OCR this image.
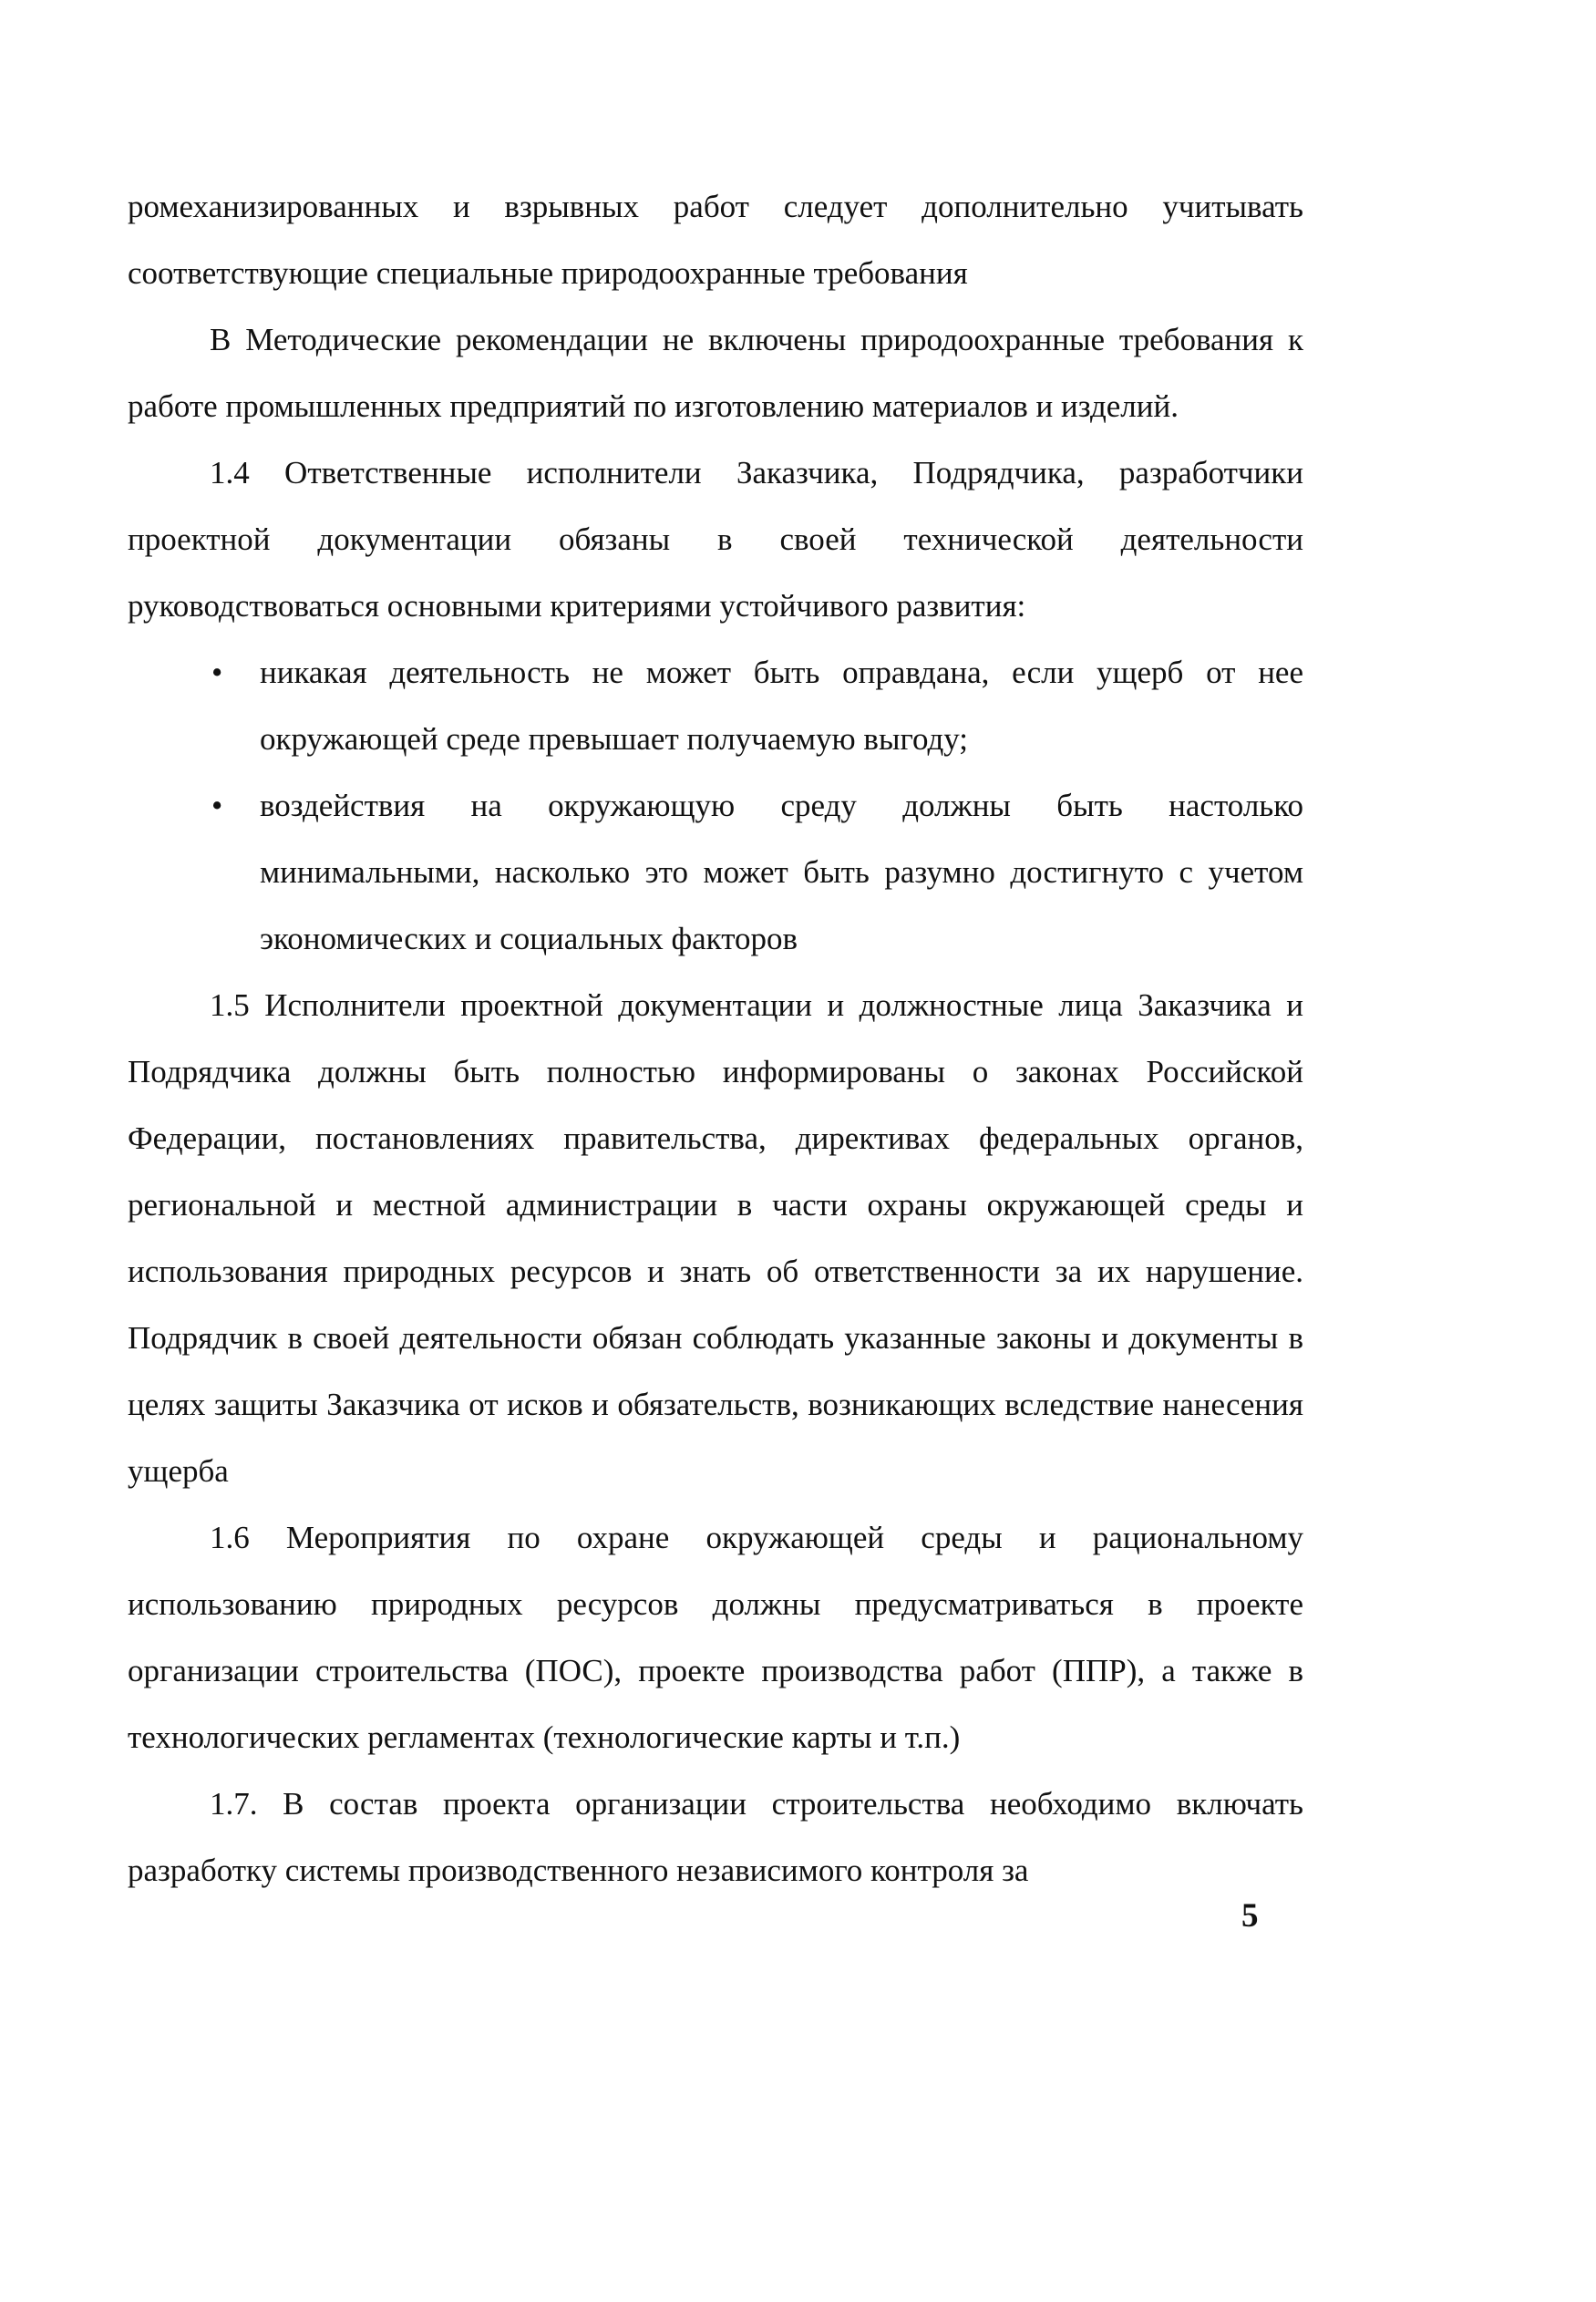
ромеханизированных и взрывных работ следует дополнительно учитывать соответствующие специальные природоохранные требования

В Методические рекомендации не включены природоохранные требования к работе промышленных предприятий по изготовлению материалов и изделий.

1.4 Ответственные исполнители Заказчика, Подрядчика, разработчики проектной документации обязаны в своей технической деятельности руководствоваться основными критериями устойчивого развития:

• никакая деятельность не может быть оправдана, если ущерб от нее окружающей среде превышает получаемую выгоду;
• воздействия на окружающую среду должны быть настолько минимальными, насколько это может быть разумно достигнуто с учетом экономических и социальных факторов

1.5 Исполнители проектной документации и должностные лица Заказчика и Подрядчика должны быть полностью информированы о законах Российской Федерации, постановлениях правительства, директивах федеральных органов, региональной и местной администрации в части охраны окружающей среды и использования природных ресурсов и знать об ответственности за их нарушение. Подрядчик в своей деятельности обязан соблюдать указанные законы и документы в целях защиты Заказчика от исков и обязательств, возникающих вследствие нанесения ущерба

1.6 Мероприятия по охране окружающей среды и рациональному использованию природных ресурсов должны предусматриваться в проекте организации строительства (ПОС), проекте производства работ (ППР), а также в технологических регламентах (технологические карты и т.п.)

1.7. В состав проекта организации строительства необходимо включать разработку системы производственного независимого контроля за

5
